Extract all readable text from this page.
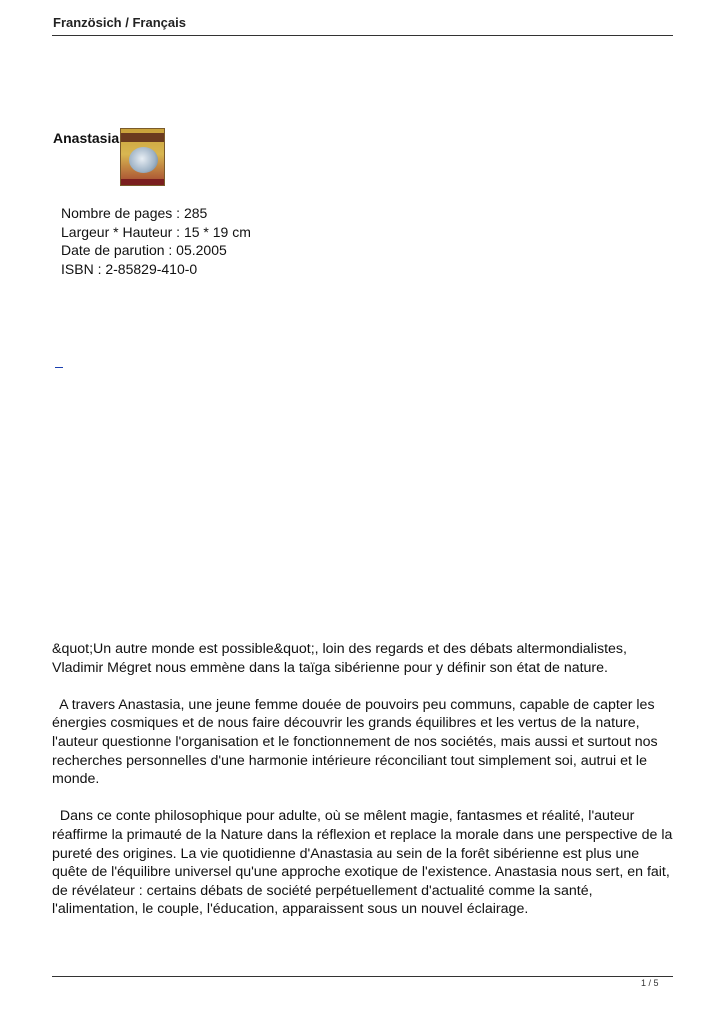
Französich / Français
Anastasia
Nombre de pages : 285
Largeur * Hauteur : 15 * 19 cm
Date de parution : 05.2005
ISBN : 2-85829-410-0

&quot;Un autre monde est possible&quot;, loin des regards et des débats altermondialistes, Vladimir Mégret nous emmène dans la taïga sibérienne pour y définir son état de nature.

A travers Anastasia, une jeune femme douée de pouvoirs peu communs, capable de capter les énergies cosmiques et de nous faire découvrir les grands équilibres et les vertus de la nature, l'auteur questionne l'organisation et le fonctionnement de nos sociétés, mais aussi et surtout nos recherches personnelles d'une harmonie intérieure réconciliant tout simplement soi, autrui et le monde.

Dans ce conte philosophique pour adulte, où se mêlent magie, fantasmes et réalité, l'auteur réaffirme la primauté de la Nature dans la réflexion et replace la morale dans une perspective de la pureté des origines. La vie quotidienne d'Anastasia au sein de la forêt sibérienne est plus une quête de l'équilibre universel qu'une approche exotique de l'existence. Anastasia nous sert, en fait, de révélateur : certains débats de société perpétuellement d'actualité comme la santé, l'alimentation, le couple, l'éducation, apparaissent sous un nouvel éclairage.

1 / 5
